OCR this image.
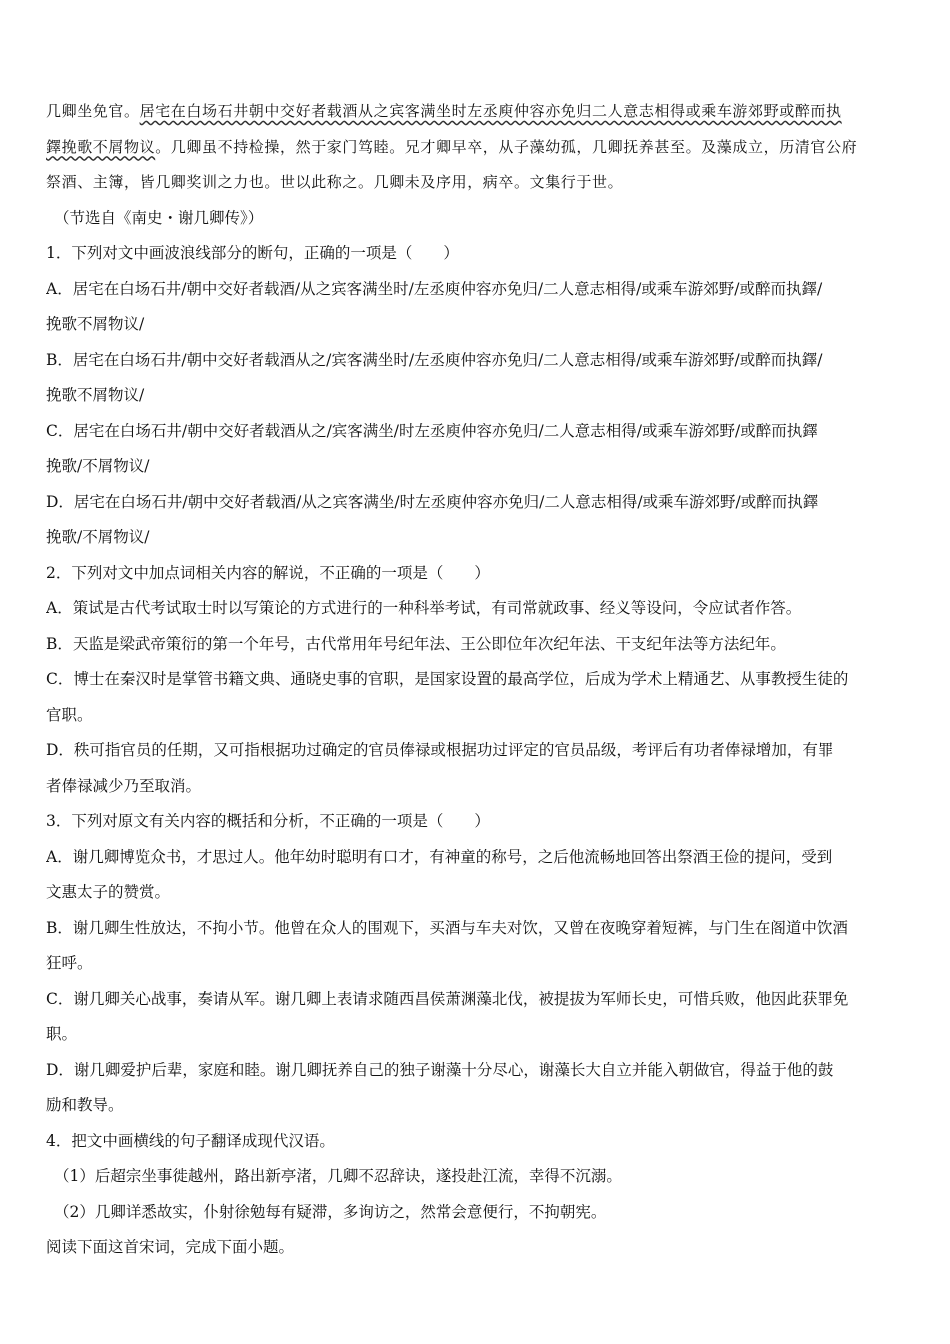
几卿坐免官。居宅在白场石井朝中交好者载酒从之宾客满坐时左丞庾仲容亦免归二人意志相得或乘车游郊野或醉而执
鐸挽歌不屑物议。几卿虽不持检操，然于家门笃睦。兄才卿早卒，从子藻幼孤，几卿抚养甚至。及藻成立，历清官公府
祭酒、主簿，皆几卿奖训之力也。世以此称之。几卿未及序用，病卒。文集行于世。
（节选自《南史・谢几卿传》）
1．下列对文中画波浪线部分的断句，正确的一项是（　　）
A．居宅在白场石井/朝中交好者载酒/从之宾客满坐时/左丞庾仲容亦免归/二人意志相得/或乘车游郊野/或醉而执鐸/
挽歌不屑物议/
B．居宅在白场石井/朝中交好者载酒从之/宾客满坐时/左丞庾仲容亦免归/二人意志相得/或乘车游郊野/或醉而执鐸/
挽歌不屑物议/
C．居宅在白场石井/朝中交好者载酒从之/宾客满坐/时左丞庾仲容亦免归/二人意志相得/或乘车游郊野/或醉而执鐸
挽歌/不屑物议/
D．居宅在白场石井/朝中交好者载酒/从之宾客满坐/时左丞庾仲容亦免归/二人意志相得/或乘车游郊野/或醉而执鐸
挽歌/不屑物议/
2．下列对文中加点词相关内容的解说，不正确的一项是（　　）
A．策试是古代考试取士时以写策论的方式进行的一种科举考试，有司常就政事、经义等设问，令应试者作答。
B．天监是梁武帝策衍的第一个年号，古代常用年号纪年法、王公即位年次纪年法、干支纪年法等方法纪年。
C．博士在秦汉时是掌管书籍文典、通晓史事的官职，是国家设置的最高学位，后成为学术上精通艺、从事教授生徒的
官职。
D．秩可指官员的任期，又可指根据功过确定的官员俸禄或根据功过评定的官员品级，考评后有功者俸禄增加，有罪
者俸禄减少乃至取消。
3．下列对原文有关内容的概括和分析，不正确的一项是（　　）
A．谢几卿博览众书，才思过人。他年幼时聪明有口才，有神童的称号，之后他流畅地回答出祭酒王俭的提问，受到
文惠太子的赞赏。
B．谢几卿生性放达，不拘小节。他曾在众人的围观下，买酒与车夫对饮，又曾在夜晚穿着短裤，与门生在阁道中饮酒
狂呼。
C．谢几卿关心战事，奏请从军。谢几卿上表请求随西昌侯萧渊藻北伐，被提拔为军师长史，可惜兵败，他因此获罪免
职。
D．谢几卿爱护后辈，家庭和睦。谢几卿抚养自己的独子谢藻十分尽心，谢藻长大自立并能入朝做官，得益于他的鼓
励和教导。
4．把文中画横线的句子翻译成现代汉语。
（1）后超宗坐事徙越州，路出新亭渚，几卿不忍辞诀，遂投赴江流，幸得不沉溺。
（2）几卿详悉故实，仆射徐勉每有疑滞，多询访之，然常会意便行，不拘朝宪。
阅读下面这首宋词，完成下面小题。
